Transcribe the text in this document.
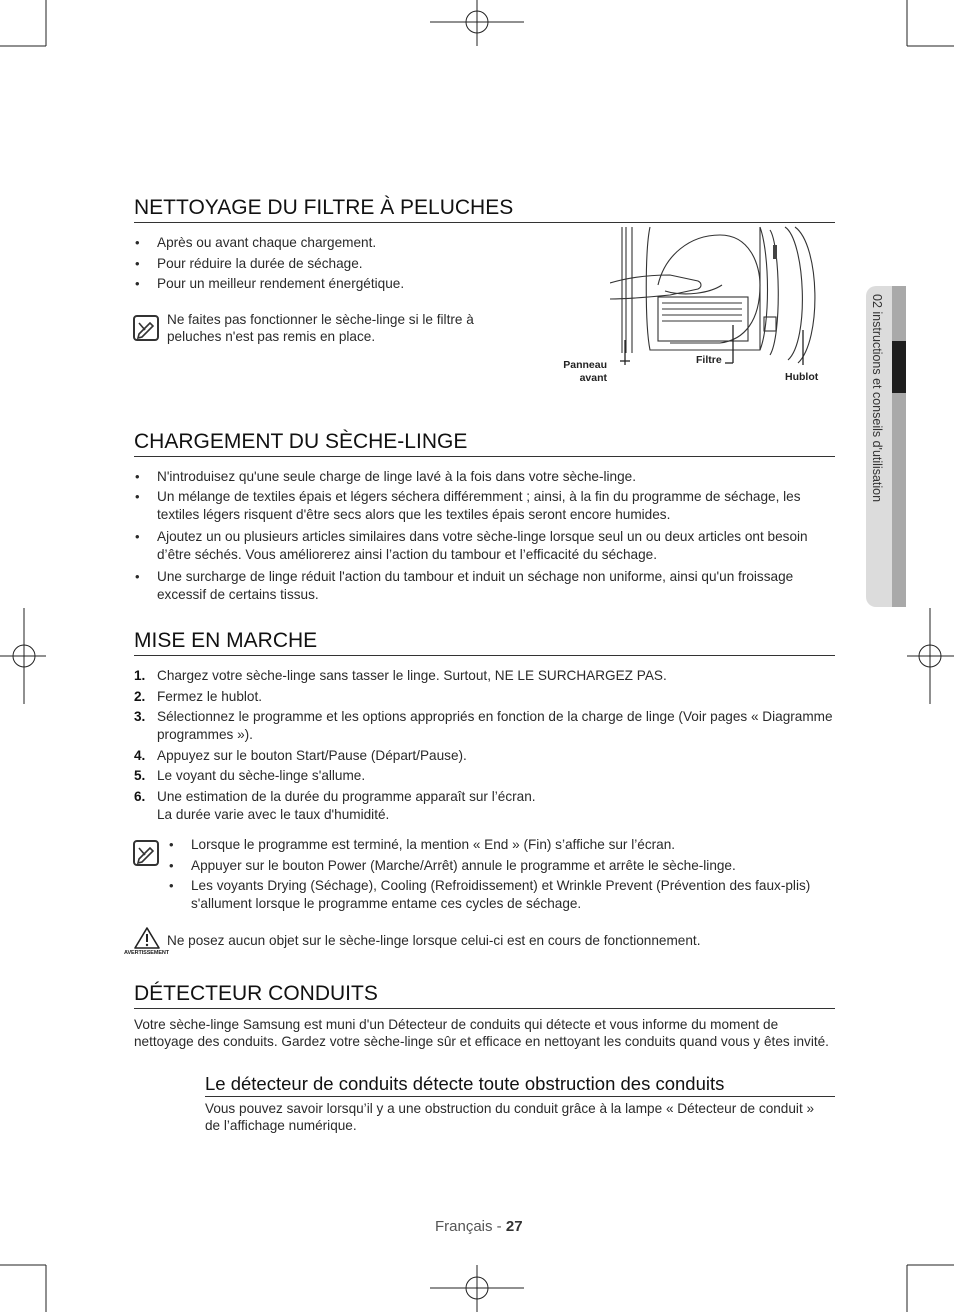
02 instructions et conseils d'utilisation
NETTOYAGE DU FILTRE À PELUCHES
• Après ou avant chaque chargement.
• Pour réduire la durée de séchage.
• Pour un meilleur rendement énergétique.
Ne faites pas fonctionner le sèche-linge si le filtre à peluches n'est pas remis en place.
Panneau avant
Filtre
Hublot
CHARGEMENT DU SÈCHE-LINGE
• N'introduisez qu'une seule charge de linge lavé à la fois dans votre sèche-linge.
• Un mélange de textiles épais et légers séchera différemment ; ainsi, à la fin du programme de séchage, les textiles légers risquent d'être secs alors que les textiles épais seront encore humides.
• Ajoutez un ou plusieurs articles similaires dans votre sèche-linge lorsque seul un ou deux articles ont besoin d’être séchés. Vous améliorerez ainsi l’action du tambour et l’efficacité du séchage.
• Une surcharge de linge réduit l'action du tambour et induit un séchage non uniforme, ainsi qu'un froissage excessif de certains tissus.
MISE EN MARCHE
1. Chargez votre sèche-linge sans tasser le linge. Surtout, NE LE SURCHARGEZ PAS.
2. Fermez le hublot.
3. Sélectionnez le programme et les options appropriés en fonction de la charge de linge (Voir pages « Diagramme programmes »).
4. Appuyez sur le bouton Start/Pause (Départ/Pause).
5. Le voyant du sèche-linge s'allume.
6. Une estimation de la durée du programme apparaît sur l’écran.
La durée varie avec le taux d'humidité.
• Lorsque le programme est terminé, la mention « End » (Fin) s’affiche sur l’écran.
• Appuyer sur le bouton Power (Marche/Arrêt) annule le programme et arrête le sèche-linge.
• Les voyants Drying (Séchage), Cooling (Refroidissement) et Wrinkle Prevent (Prévention des faux-plis) s'allument lorsque le programme entame ces cycles de séchage.
AVERTISSEMENT
Ne posez aucun objet sur le sèche-linge lorsque celui-ci est en cours de fonctionnement.
DÉTECTEUR CONDUITS
Votre sèche-linge Samsung est muni d'un Détecteur de conduits qui détecte et vous informe du moment de nettoyage des conduits. Gardez votre sèche-linge sûr et efficace en nettoyant les conduits quand vous y êtes invité.
Le détecteur de conduits détecte toute obstruction des conduits
Vous pouvez savoir lorsqu’il y a une obstruction du conduit grâce à la lampe « Détecteur de conduit » de l’affichage numérique.
Français - 27
